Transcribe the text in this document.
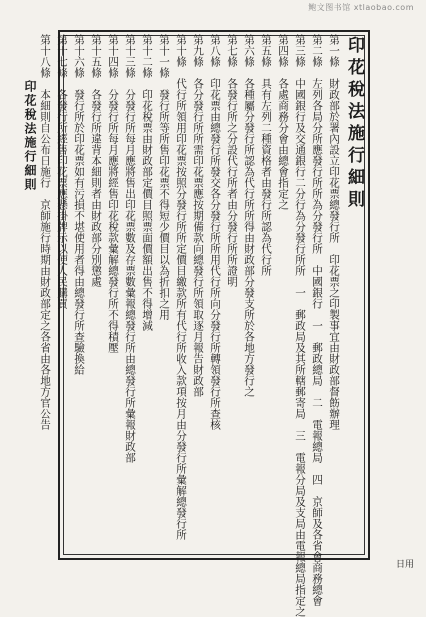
鲍文图书馆 xtlaobao.com
印花稅法施行細則
第一條　財政部於署內設立印花票總發行所　印花票之印製事宜由財政部督飭辦理
第二條　左列各局分所應發行所所為分發行所　中國銀行　一　郵政總局　二　電報總局　四　京師及各省會商務總會
第三條　中國銀行及交通銀行二分行為分發行所所　一　郵政局及其所轄郵寄局　三　電報分局及支局由電報總局指定之
第四條　各處商務分會由總會指定之
第五條　具有左列二種資格者由發行所認為代行所
第六條　各種屬分發行所認為代行所所得由財政部分發支所於各地方發行之
第七條　各發行所之分設代行所者由分發行所所證明
第八條　印花票由總發行所發交各分發行所所用代行所向分發行所轉領發行所查核
第九條　各分發行所所需印花票應按期備款向總發行所領取逐月報告財政部
第十條　代行所領用印花票按照分發行所所定價目繳款所有代行所收入款項按月由分發行所彙解總發行所
第十一條　發行所等所售印花票不得短少價目以為折扣之用
第十二條　印花稅票由財政部定價目照票面價額出售不得增減
第十三條　分發行所每月應將售出印花票數及存票數彙報總發行所由總發行所彙報財政部
第十四條　分發行所每月應將經售印花稅款彙解總發行所不得積壓
第十五條　各發行所違背本細則者由財政部分別懲處
第十六條　發行所於印花票如有污損不堪使用者得由總發行所查驗換給
第十七條　各發行所經售印花票應懸掛牌示以便人民購買
第十八條　本細則自公布日施行　京師施行時期由財政部定之各省由各地方官公告
印花稅法施行細則
日用
